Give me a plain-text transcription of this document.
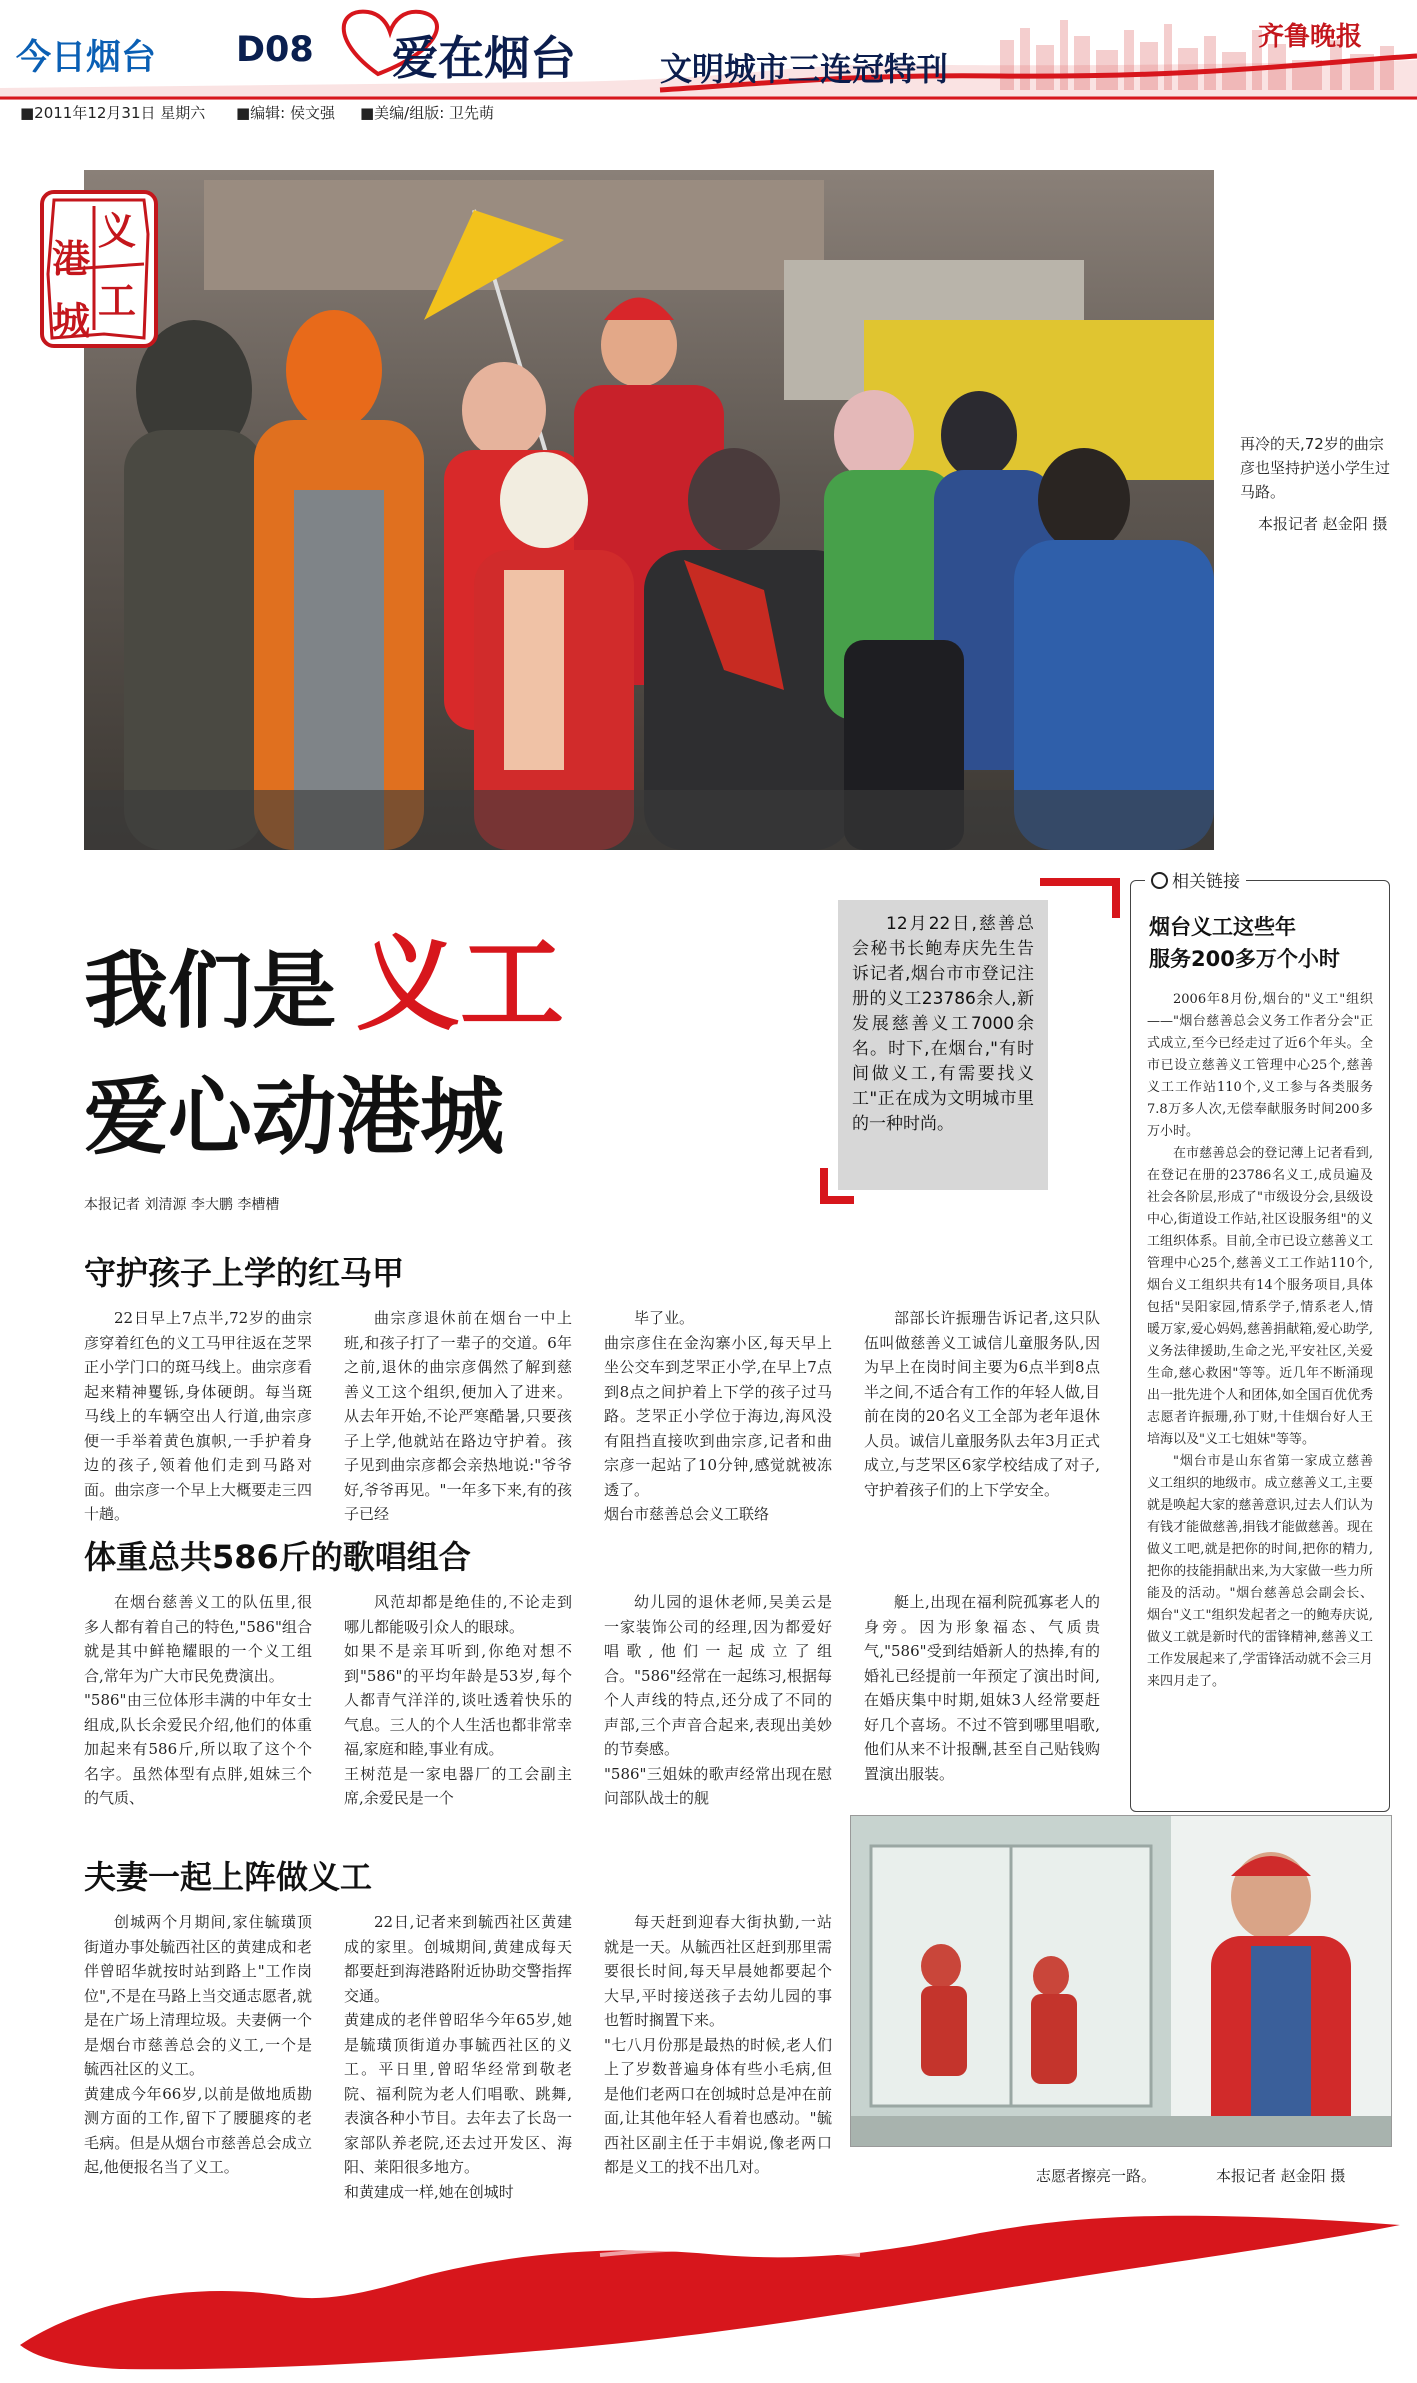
今日烟台 D08 爱在烟台	文明城市三连冠特刊
齐鲁晚报
■2011年12月31日 星期六 ■编辑: 侯文强 ■美编/组版: 卫先萌
义
港
工
城
再冷的天,72岁的曲宗彦也坚持护送小学生过马路。
本报记者 赵金阳 摄
我们是 义工
爱心动港城
本报记者 刘清源 李大鹏 李槽槽
12月22日,慈善总会秘书长鲍寿庆先生告诉记者,烟台市市登记注册的义工23786余人,新发展慈善义工7000余名。时下,在烟台,"有时间做义工,有需要找义工"正在成为文明城市里的一种时尚。
相关链接
烟台义工这些年
服务200多万个小时

2006年8月份,烟台的"义工"组织——"烟台慈善总会义务工作者分会"正式成立,至今已经走过了近6个年头。全市已设立慈善义工管理中心25个,慈善义工工作站110个,义工参与各类服务7.8万多人次,无偿奉献服务时间200多万小时。

在市慈善总会的登记薄上记者看到,在登记在册的23786名义工,成员遍及社会各阶层,形成了"市级设分会,县级设中心,街道设工作站,社区设服务组"的义工组织体系。目前,全市已设立慈善义工管理中心25个,慈善义工工作站110个,烟台义工组织共有14个服务项目,具体包括"吴阳家园,情系学子,情系老人,情暖万家,爱心妈妈,慈善捐献箱,爱心助学,义务法律援助,生命之光,平安社区,关爱生命,慈心救困"等等。近几年不断涌现出一批先进个人和团体,如全国百优优秀志愿者许振珊,孙丁财,十佳烟台好人王培海以及"义工七姐妹"等等。

"烟台市是山东省第一家成立慈善义工组织的地级市。成立慈善义工,主要就是唤起大家的慈善意识,过去人们认为有钱才能做慈善,捐钱才能做慈善。现在做义工吧,就是把你的时间,把你的精力,把你的技能捐献出来,为大家做一些力所能及的活动。"烟台慈善总会副会长、烟台"义工"组织发起者之一的鲍寿庆说,做义工就是新时代的雷锋精神,慈善义工工作发展起来了,学雷锋活动就不会三月来四月走了。

守护孩子上学的红马甲
22日早上7点半,72岁的曲宗彦穿着红色的义工马甲往返在芝罘正小学门口的斑马线上。曲宗彦看起来精神矍铄,身体硬朗。每当斑马线上的车辆空出人行道,曲宗彦便一手举着黄色旗帜,一手护着身边的孩子,领着他们走到马路对面。曲宗彦一个早上大概要走三四十趟。
曲宗彦退休前在烟台一中上班,和孩子打了一辈子的交道。6年之前,退休的曲宗彦偶然了解到慈善义工这个组织,便加入了进来。从去年开始,不论严寒酷暑,只要孩子上学,他就站在路边守护着。孩子见到曲宗彦都会亲热地说:"爷爷好,爷爷再见。"一年多下来,有的孩子已经
毕了业。
曲宗彦住在金沟寨小区,每天早上坐公交车到芝罘正小学,在早上7点到8点之间护着上下学的孩子过马路。芝罘正小学位于海边,海风没有阻挡直接吹到曲宗彦,记者和曲宗彦一起站了10分钟,感觉就被冻透了。
烟台市慈善总会义工联络
部部长许振珊告诉记者,这只队伍叫做慈善义工诚信儿童服务队,因为早上在岗时间主要为6点半到8点半之间,不适合有工作的年轻人做,目前在岗的20名义工全部为老年退休人员。诚信儿童服务队去年3月正式成立,与芝罘区6家学校结成了对子,守护着孩子们的上下学安全。
体重总共586斤的歌唱组合
在烟台慈善义工的队伍里,很多人都有着自己的特色,"586"组合就是其中鲜艳耀眼的一个义工组合,常年为广大市民免费演出。
"586"由三位体形丰满的中年女士组成,队长余爱民介绍,他们的体重加起来有586斤,所以取了这个个名字。虽然体型有点胖,姐妹三个的气质、
风范却都是绝佳的,不论走到哪儿都能吸引众人的眼球。
如果不是亲耳听到,你绝对想不到"586"的平均年龄是53岁,每个人都青气洋洋的,谈吐透着快乐的气息。三人的个人生活也都非常幸福,家庭和睦,事业有成。
王树范是一家电器厂的工会副主席,余爱民是一个
幼儿园的退休老师,吴美云是一家装饰公司的经理,因为都爱好唱歌,他们一起成立了组合。"586"经常在一起练习,根据每个人声线的特点,还分成了不同的声部,三个声音合起来,表现出美妙的节奏感。
"586"三姐妹的歌声经常出现在慰问部队战士的舰
艇上,出现在福利院孤寡老人的身旁。因为形象福态、气质贵气,"586"受到结婚新人的热捧,有的婚礼已经提前一年预定了演出时间,在婚庆集中时期,姐妹3人经常要赶好几个喜场。不过不管到哪里唱歌,他们从来不计报酬,甚至自己贴钱购置演出服装。
夫妻一起上阵做义工
创城两个月期间,家住毓璜顶街道办事处毓西社区的黄建成和老伴曾昭华就按时站到路上"工作岗位",不是在马路上当交通志愿者,就是在广场上清理垃圾。夫妻俩一个是烟台市慈善总会的义工,一个是毓西社区的义工。
黄建成今年66岁,以前是做地质勘测方面的工作,留下了腰腿疼的老毛病。但是从烟台市慈善总会成立起,他便报名当了义工。
22日,记者来到毓西社区黄建成的家里。创城期间,黄建成每天都要赶到海港路附近协助交警指挥交通。
黄建成的老伴曾昭华今年65岁,她是毓璜顶街道办事毓西社区的义工。平日里,曾昭华经常到敬老院、福利院为老人们唱歌、跳舞,表演各种小节目。去年去了长岛一家部队养老院,还去过开发区、海阳、莱阳很多地方。
和黄建成一样,她在创城时
每天赶到迎春大街执勤,一站就是一天。从毓西社区赶到那里需要很长时间,每天早晨她都要起个大早,平时接送孩子去幼儿园的事也暂时搁置下来。
"七八月份那是最热的时候,老人们上了岁数普遍身体有些小毛病,但是他们老两口在创城时总是冲在前面,让其他年轻人看着也感动。"毓西社区副主任于丰娟说,像老两口都是义工的找不出几对。	志愿者擦亮一路。	本报记者 赵金阳 摄
